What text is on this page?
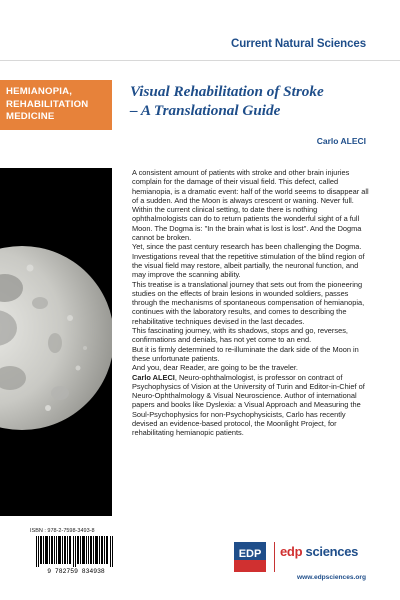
Current Natural Sciences
HEMIANOPIA,
REHABILITATION
MEDICINE
Visual Rehabilitation of Stroke
– A Translational Guide
Carlo ALECI

A consistent amount of patients with stroke and other brain injuries complain for the damage of their visual field. This defect, called hemianopia, is a dramatic event: half of the world seems to disappear all of a sudden. And the Moon is always crescent or waning. Never full. Within the current clinical setting, to date there is nothing ophthalmologists can do to return patients the wonderful sight of a full Moon. The Dogma is: "In the brain what is lost is lost". And the Dogma cannot be broken.

Yet, since the past century research has been challenging the Dogma. Investigations reveal that the repetitive stimulation of the blind region of the visual field may restore, albeit partially, the neuronal function, and may improve the scanning ability.

This treatise is a translational journey that sets out from the pioneering studies on the effects of brain lesions in wounded soldiers, passes through the mechanisms of spontaneous compensation of hemianopia, continues with the laboratory results, and comes to describing the rehabilitative techniques devised in the last decades.

This fascinating journey, with its shadows, stops and go, reverses, confirmations and denials, has not yet come to an end.

But it is firmly determined to re-illuminate the dark side of the Moon in these unfortunate patients.

And you, dear Reader, are going to be the traveler.

Carlo ALECI, Neuro-ophthalmologist, is professor on contract of Psychophysics of Vision at the University of Turin and Editor-in-Chief of Neuro-Ophthalmology & Visual Neuroscience. Author of international papers and books like Dyslexia: a Visual Approach and Measuring the Soul-Psychophysics for non-Psychophysicists, Carlo has recently devised an evidence-based protocol, the Moonlight Project, for rehabilitating hemianopic patients.

ISBN : 978-2-7598-3493-8
9 782759 834938
EDP edp sciences
www.edpsciences.org
